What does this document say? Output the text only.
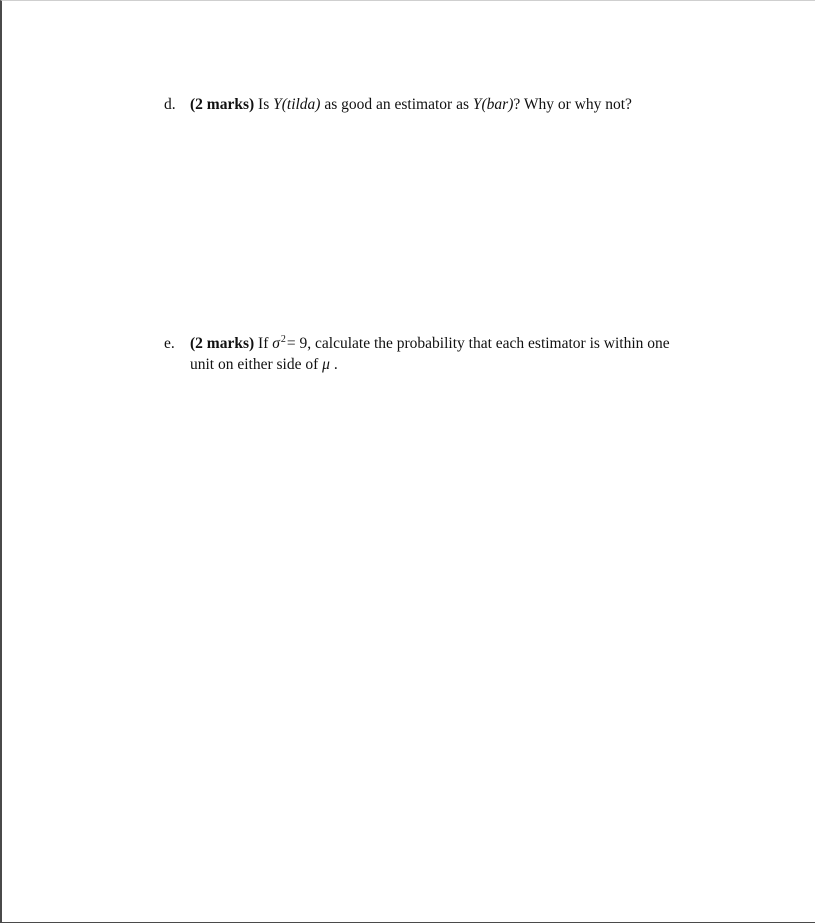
d. (2 marks) Is Y(tilda) as good an estimator as Y(bar)? Why or why not?
e. (2 marks) If $\sigma^2= 9$, calculate the probability that each estimator is within one
unit on either side of μ .
